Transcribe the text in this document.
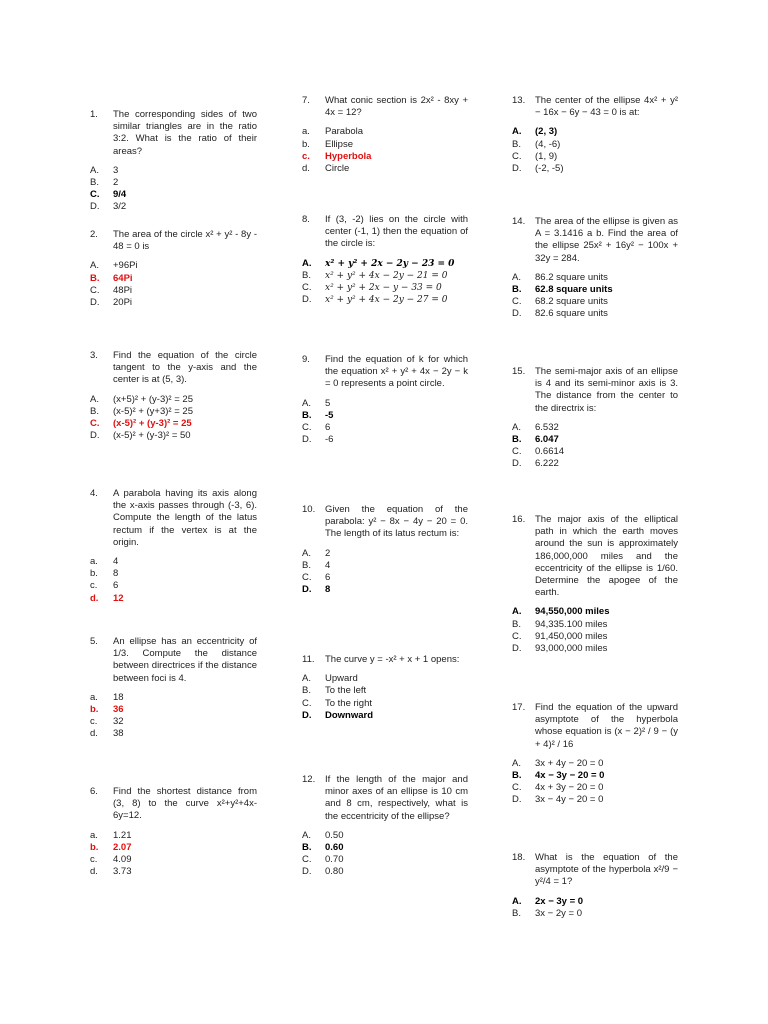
1.	The corresponding sides of two similar triangles are in the ratio 3:2. What is the ratio of their areas?
A.	3
B.	2
C.	9/4
D.	3/2
2.	The area of the circle x² + y² - 8y - 48 = 0 is
A.	+96Pi
B.	64Pi
C.	48Pi
D.	20Pi
3.	Find the equation of the circle tangent to the y-axis and the center is at (5, 3).
A.	(x+5)² + (y-3)² = 25
B.	(x-5)² + (y+3)² = 25
C.	(x-5)² + (y-3)² = 25
D.	(x-5)² + (y-3)² = 50
4.	A parabola having its axis along the x-axis passes through (-3, 6). Compute the length of the latus rectum if the vertex is at the origin.
a.	4
b.	8
c.	6
d.	12
5.	An ellipse has an eccentricity of 1/3. Compute the distance between directrices if the distance between foci is 4.
a.	18
b.	36
c.	32
d.	38
6.	Find the shortest distance from (3, 8) to the curve x²+y²+4x-6y=12.
a.	1.21
b.	2.07
c.	4.09
d.	3.73
7.	What conic section is 2x² - 8xy + 4x = 12?
a.	Parabola
b.	Ellipse
c.	Hyperbola
d.	Circle
8.	If (3, -2) lies on the circle with center (-1, 1) then the equation of the circle is:
A.	x² + y² + 2x − 2y − 23 = 0
B.	x² + y² + 4x − 2y − 21 = 0
C.	x² + y² + 2x − y − 33 = 0
D.	x² + y² + 4x − 2y − 27 = 0
9.	Find the equation of k for which the equation x² + y² + 4x − 2y − k = 0 represents a point circle.
A.	5
B.	-5
C.	6
D.	-6
10.	Given the equation of the parabola: y² − 8x − 4y − 20 = 0. The length of its latus rectum is:
A.	2
B.	4
C.	6
D.	8
11.	The curve y = -x² + x + 1 opens:
A.	Upward
B.	To the left
C.	To the right
D.	Downward
12.	If the length of the major and minor axes of an ellipse is 10 cm and 8 cm, respectively, what is the eccentricity of the ellipse?
A.	0.50
B.	0.60
C.	0.70
D.	0.80
13.	The center of the ellipse 4x² + y² − 16x − 6y − 43 = 0 is at:
A.	(2, 3)
B.	(4, -6)
C.	(1, 9)
D.	(-2, -5)
14.	The area of the ellipse is given as A = 3.1416 a b. Find the area of the ellipse 25x² + 16y² − 100x + 32y = 284.
A.	86.2 square units
B.	62.8 square units
C.	68.2 square units
D.	82.6 square units
15.	The semi-major axis of an ellipse is 4 and its semi-minor axis is 3. The distance from the center to the directrix is:
A.	6.532
B.	6.047
C.	0.6614
D.	6.222
16.	The major axis of the elliptical path in which the earth moves around the sun is approximately 186,000,000 miles and the eccentricity of the ellipse is 1/60. Determine the apogee of the earth.
A.	94,550,000 miles
B.	94,335.100 miles
C.	91,450,000 miles
D.	93,000,000 miles
17.	Find the equation of the upward asymptote of the hyperbola whose equation is (x − 2)² / 9 − (y + 4)² / 16
A.	3x + 4y − 20 = 0
B.	4x − 3y − 20 = 0
C.	4x + 3y − 20 = 0
D.	3x − 4y − 20 = 0
18.	What is the equation of the asymptote of the hyperbola x²/9 − y²/4 = 1?
A.	2x − 3y = 0
B.	3x − 2y = 0
